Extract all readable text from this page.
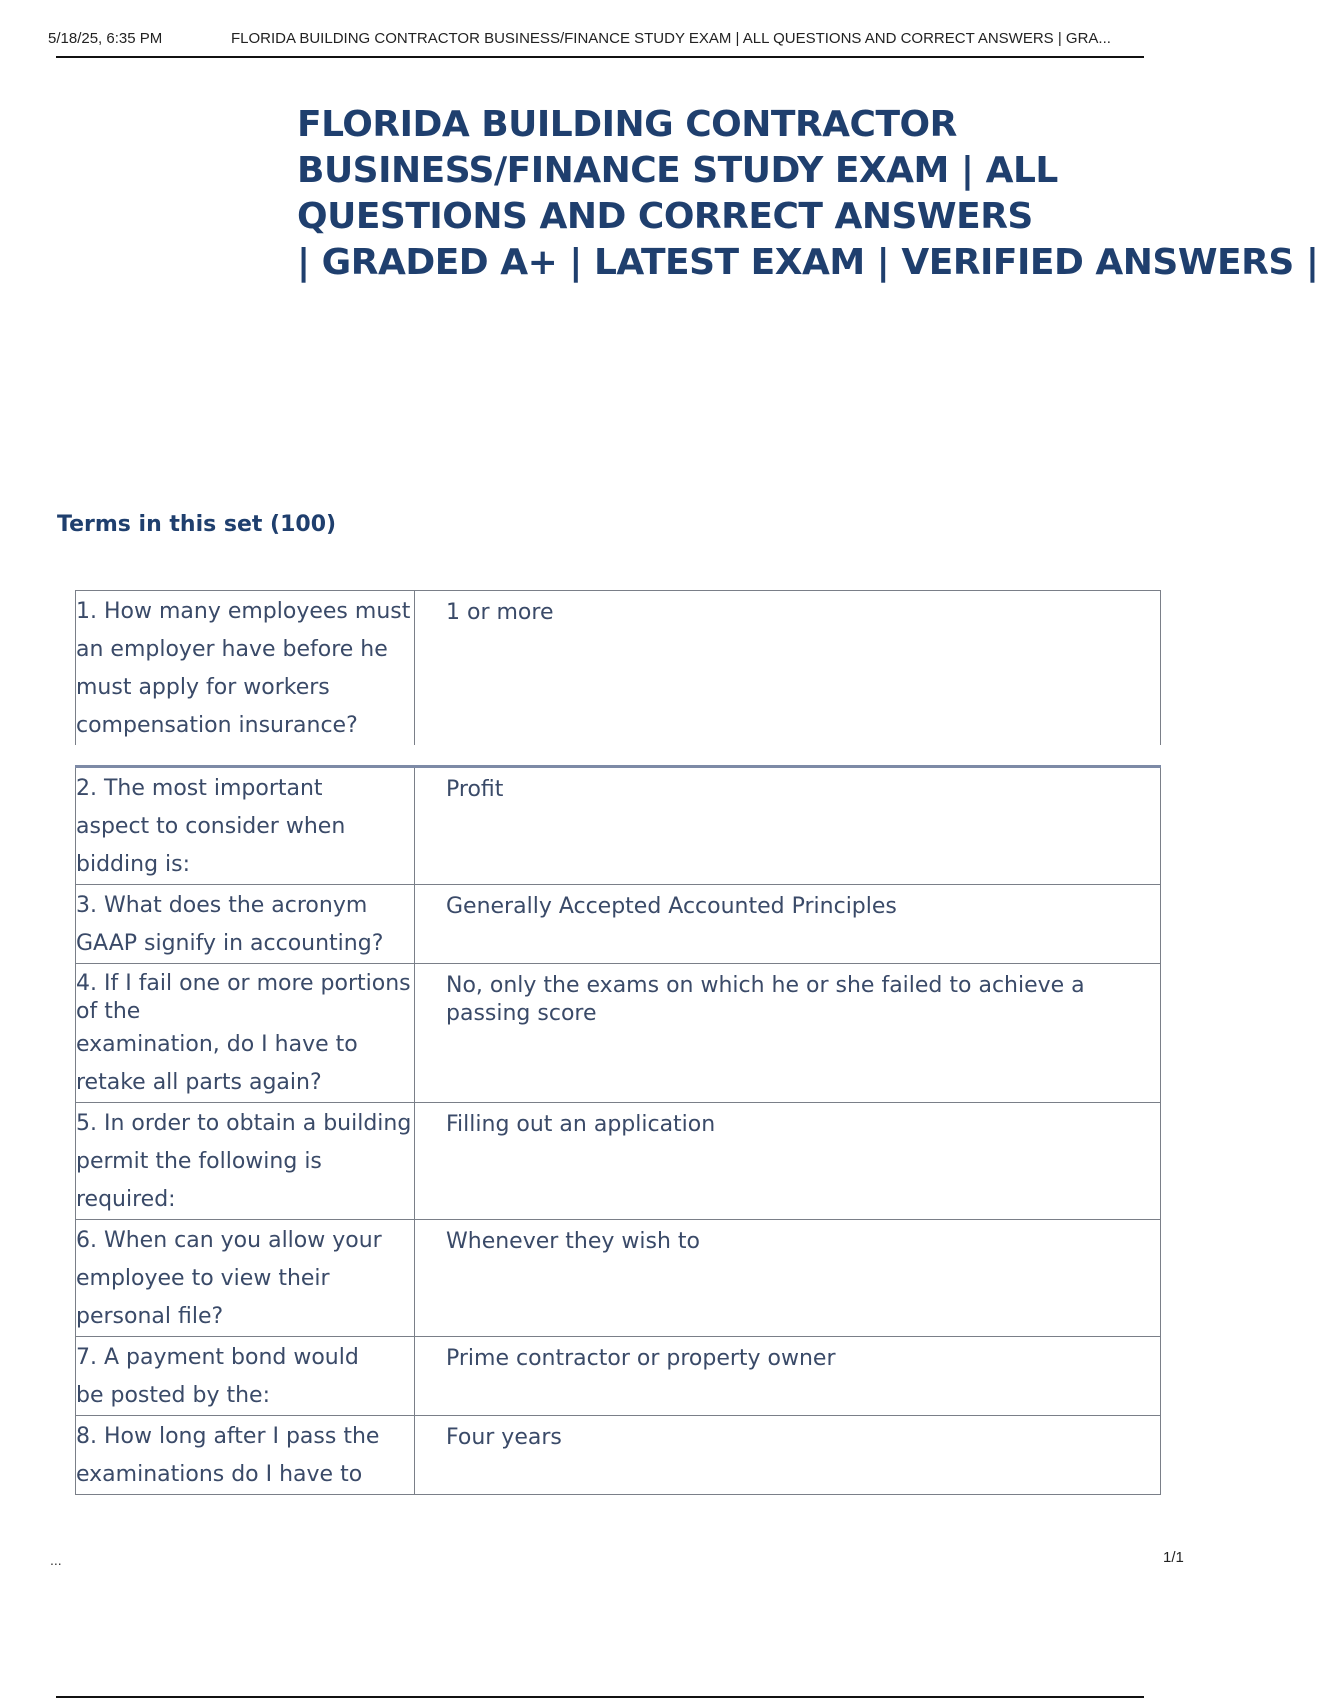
5/18/25, 6:35 PM	FLORIDA BUILDING CONTRACTOR BUSINESS/FINANCE STUDY EXAM | ALL QUESTIONS AND CORRECT ANSWERS | GRA...
FLORIDA BUILDING CONTRACTOR
BUSINESS/FINANCE STUDY EXAM | ALL
QUESTIONS AND CORRECT ANSWERS
| GRADED A+ | LATEST EXAM | VERIFIED ANSWERS |
Terms in this set (100)
1. How many employees must
an employer have before he
must apply for workers
compensation insurance?
	1 or more
2. The most important
aspect to consider when
bidding is:	Profit

3. What does the acronym
GAAP signify in accounting?	Generally Accepted Accounted Principles

4. If I fail one or more portions of the
examination, do I have to
retake all parts again?	No, only the exams on which he or she failed to achieve a passing score

5. In order to obtain a building
permit the following is
required:	Filling out an application

6. When can you allow your
employee to view their
personal file?	Whenever they wish to

7. A payment bond would
be posted by the:	Prime contractor or property owner

8. How long after I pass the
examinations do I have to	Four years
...	1/1
